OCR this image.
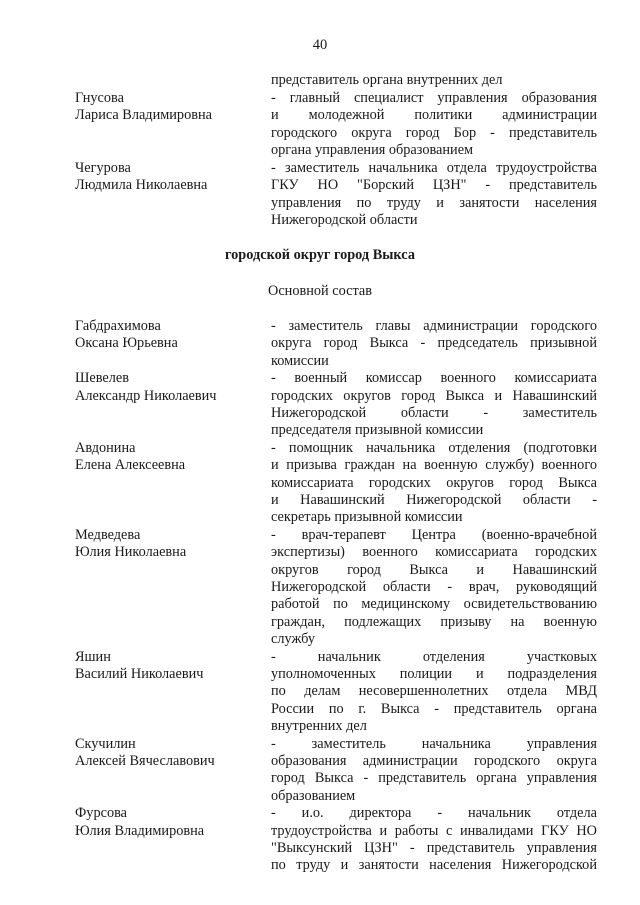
40
представитель органа внутренних дел
Гнусова
Лариса Владимировна
- главный специалист управления образования
и молодежной политики администрации
городского округа город Бор - представитель
органа управления образованием
Чегурова
Людмила Николаевна
- заместитель начальника отдела трудоустройства
ГКУ НО "Борский ЦЗН" - представитель
управления по труду и занятости населения
Нижегородской области
городской округ город Выкса
Основной состав
Габдрахимова
Оксана Юрьевна
- заместитель главы администрации городского
округа город Выкса - председатель призывной
комиссии
Шевелев
Александр Николаевич
- военный комиссар военного комиссариата
городских округов город Выкса и Навашинский
Нижегородской области - заместитель
председателя призывной комиссии
Авдонина
Елена Алексеевна
- помощник начальника отделения (подготовки
и призыва граждан на военную службу) военного
комиссариата городских округов город Выкса
и Навашинский Нижегородской области -
секретарь призывной комиссии
Медведева
Юлия Николаевна
- врач-терапевт Центра (военно-врачебной
экспертизы) военного комиссариата городских
округов город Выкса и Навашинский
Нижегородской области - врач, руководящий
работой по медицинскому освидетельствованию
граждан, подлежащих призыву на военную
службу
Яшин
Василий Николаевич
- начальник отделения участковых
уполномоченных полиции и подразделения
по делам несовершеннолетних отдела МВД
России по г. Выкса - представитель органа
внутренних дел
Скучилин
Алексей Вячеславович
- заместитель начальника управления
образования администрации городского округа
город Выкса - представитель органа управления
образованием
Фурсова
Юлия Владимировна
- и.о. директора - начальник отдела
трудоустройства и работы с инвалидами ГКУ НО
"Выксунский ЦЗН" - представитель управления
по труду и занятости населения Нижегородской
